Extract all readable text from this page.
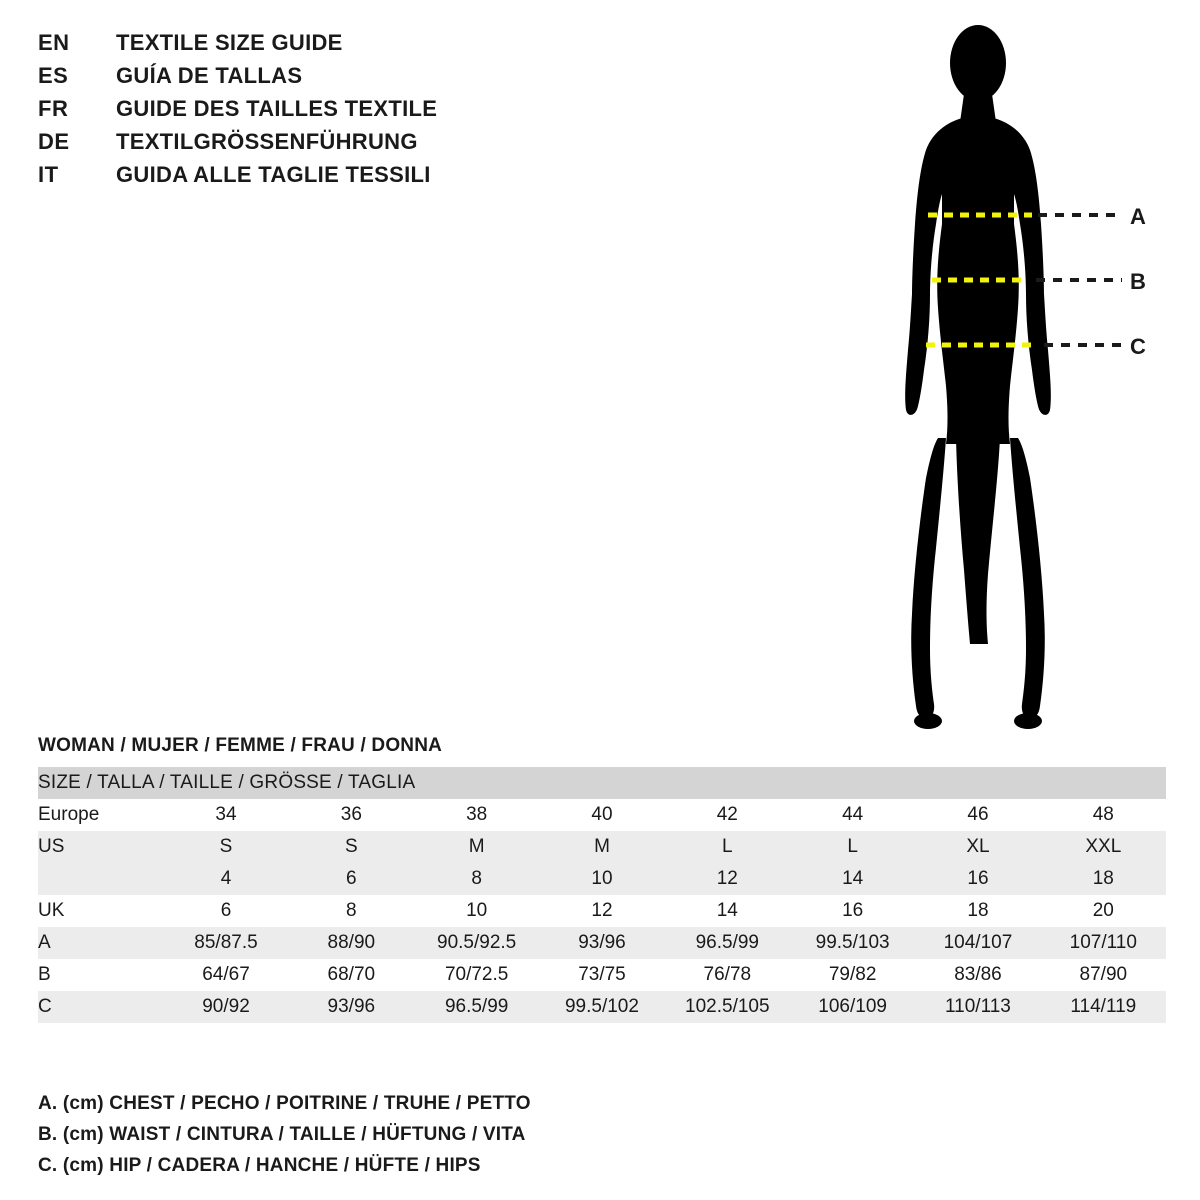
EN	TEXTILE SIZE GUIDE
ES	GUÍA DE TALLAS
FR	GUIDE DES TAILLES TEXTILE
DE	TEXTILGRÖSSENFÜHRUNG
IT	GUIDA ALLE TAGLIE TESSILI
A
B
C
WOMAN / MUJER / FEMME / FRAU / DONNA
SIZE / TALLA / TAILLE / GRÖSSE / TAGLIA								
Europe	34	36	38	40	42	44	46	48
US	S	S	M	M	L	L	XL	XXL
	4	6	8	10	12	14	16	18
UK	6	8	10	12	14	16	18	20
A	85/87.5	88/90	90.5/92.5	93/96	96.5/99	99.5/103	104/107	107/110
B	64/67	68/70	70/72.5	73/75	76/78	79/82	83/86	87/90
C	90/92	93/96	96.5/99	99.5/102	102.5/105	106/109	110/113	114/119
A. (cm) CHEST / PECHO / POITRINE / TRUHE / PETTO
B. (cm) WAIST / CINTURA / TAILLE / HÜFTUNG / VITA
C. (cm) HIP / CADERA / HANCHE / HÜFTE / HIPS
